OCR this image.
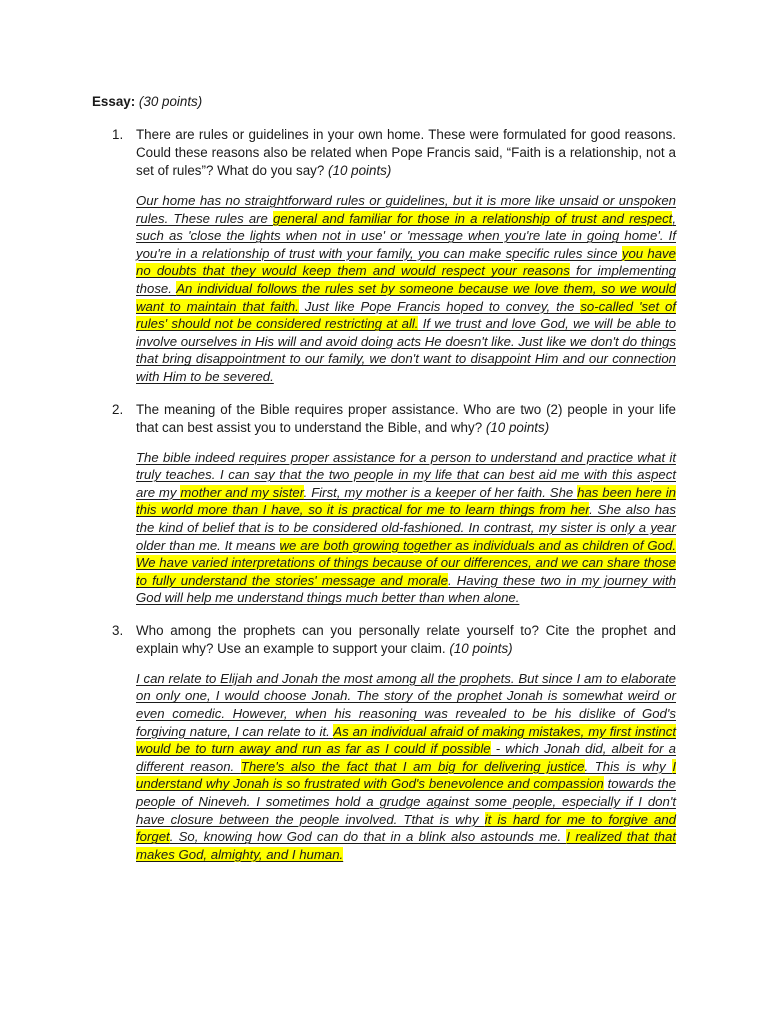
Essay: (30 points)
1. There are rules or guidelines in your own home. These were formulated for good reasons. Could these reasons also be related when Pope Francis said, “Faith is a relationship, not a set of rules”? What do you say? (10 points)

Our home has no straightforward rules or guidelines, but it is more like unsaid or unspoken rules. These rules are general and familiar for those in a relationship of trust and respect, such as 'close the lights when not in use' or 'message when you're late in going home'. If you're in a relationship of trust with your family, you can make specific rules since you have no doubts that they would keep them and would respect your reasons for implementing those. An individual follows the rules set by someone because we love them, so we would want to maintain that faith. Just like Pope Francis hoped to convey, the so-called 'set of rules' should not be considered restricting at all. If we trust and love God, we will be able to involve ourselves in His will and avoid doing acts He doesn't like. Just like we don't do things that bring disappointment to our family, we don't want to disappoint Him and our connection with Him to be severed.

2. The meaning of the Bible requires proper assistance. Who are two (2) people in your life that can best assist you to understand the Bible, and why? (10 points)

The bible indeed requires proper assistance for a person to understand and practice what it truly teaches. I can say that the two people in my life that can best aid me with this aspect are my mother and my sister. First, my mother is a keeper of her faith. She has been here in this world more than I have, so it is practical for me to learn things from her. She also has the kind of belief that is to be considered old-fashioned. In contrast, my sister is only a year older than me. It means we are both growing together as individuals and as children of God. We have varied interpretations of things because of our differences, and we can share those to fully understand the stories' message and morale. Having these two in my journey with God will help me understand things much better than when alone.

3. Who among the prophets can you personally relate yourself to? Cite the prophet and explain why? Use an example to support your claim. (10 points)

I can relate to Elijah and Jonah the most among all the prophets. But since I am to elaborate on only one, I would choose Jonah. The story of the prophet Jonah is somewhat weird or even comedic. However, when his reasoning was revealed to be his dislike of God's forgiving nature, I can relate to it. As an individual afraid of making mistakes, my first instinct would be to turn away and run as far as I could if possible - which Jonah did, albeit for a different reason. There's also the fact that I am big for delivering justice. This is why I understand why Jonah is so frustrated with God's benevolence and compassion towards the people of Nineveh. I sometimes hold a grudge against some people, especially if I don't have closure between the people involved. Tthat is why it is hard for me to forgive and forget. So, knowing how God can do that in a blink also astounds me. I realized that that makes God, almighty, and I human.
